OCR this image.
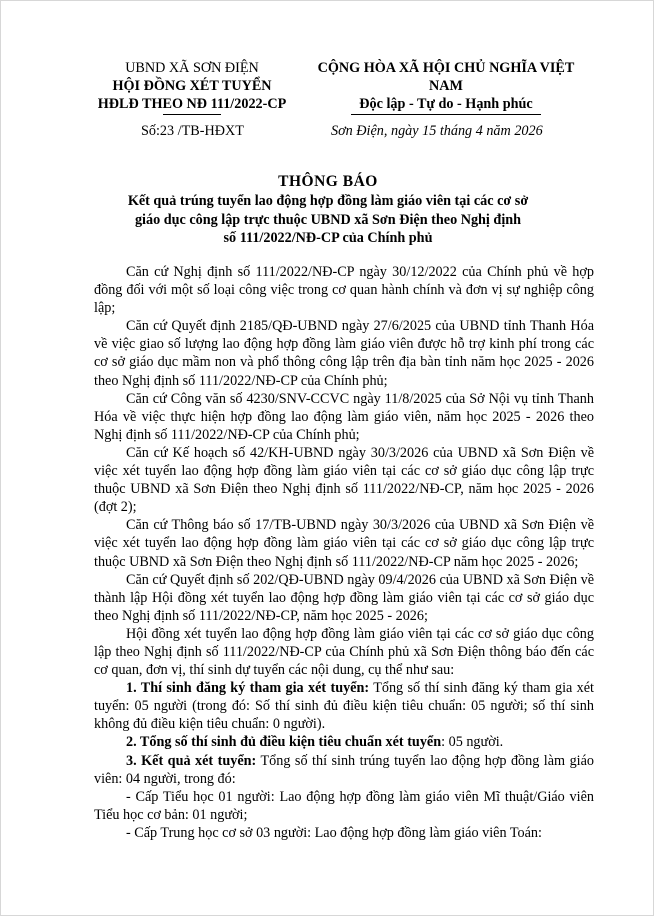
UBND XÃ SƠN ĐIỆN
HỘI ĐỒNG XÉT TUYỂN
HĐLĐ THEO NĐ 111/2022-CP
CỘNG HÒA XÃ HỘI CHỦ NGHĨA VIỆT NAM
Độc lập - Tự do - Hạnh phúc
Số:23 /TB-HĐXT	Sơn Điện, ngày 15 tháng 4 năm 2026
THÔNG BÁO
Kết quả trúng tuyển lao động hợp đồng làm giáo viên tại các cơ sở
giáo dục công lập trực thuộc UBND xã Sơn Điện theo Nghị định
số 111/2022/NĐ-CP của Chính phủ

Căn cứ Nghị định số 111/2022/NĐ-CP ngày 30/12/2022 của Chính phủ về hợp đồng đối với một số loại công việc trong cơ quan hành chính và đơn vị sự nghiệp công lập;

Căn cứ Quyết định 2185/QĐ-UBND ngày 27/6/2025 của UBND tỉnh Thanh Hóa về việc giao số lượng lao động hợp đồng làm giáo viên được hỗ trợ kinh phí trong các cơ sở giáo dục mầm non và phổ thông công lập trên địa bàn tỉnh năm học 2025 - 2026 theo Nghị định số 111/2022/NĐ-CP của Chính phủ;

Căn cứ Công văn số 4230/SNV-CCVC ngày 11/8/2025 của Sở Nội vụ tỉnh Thanh Hóa về việc thực hiện hợp đồng lao động làm giáo viên, năm học 2025 - 2026 theo Nghị định số 111/2022/NĐ-CP của Chính phủ;

Căn cứ Kế hoạch số 42/KH-UBND ngày 30/3/2026 của UBND xã Sơn Điện về việc xét tuyển lao động hợp đồng làm giáo viên tại các cơ sở giáo dục công lập trực thuộc UBND xã Sơn Điện theo Nghị định số 111/2022/NĐ-CP, năm học 2025 - 2026 (đợt 2);

Căn cứ Thông báo số 17/TB-UBND ngày 30/3/2026 của UBND xã Sơn Điện về việc xét tuyển lao động hợp đồng làm giáo viên tại các cơ sở giáo dục công lập trực thuộc UBND xã Sơn Điện theo Nghị định số 111/2022/NĐ-CP năm học 2025 - 2026;

Căn cứ Quyết định số 202/QĐ-UBND ngày 09/4/2026 của UBND xã Sơn Điện về thành lập Hội đồng xét tuyển lao động hợp đồng làm giáo viên tại các cơ sở giáo dục theo Nghị định số 111/2022/NĐ-CP, năm học 2025 - 2026;

Hội đồng xét tuyển lao động hợp đồng làm giáo viên tại các cơ sở giáo dục công lập theo Nghị định số 111/2022/NĐ-CP của Chính phủ xã Sơn Điện thông báo đến các cơ quan, đơn vị, thí sinh dự tuyển các nội dung, cụ thể như sau:

1. Thí sinh đăng ký tham gia xét tuyển: Tổng số thí sinh đăng ký tham gia xét tuyển: 05 người (trong đó: Số thí sinh đủ điều kiện tiêu chuẩn: 05 người; số thí sinh không đủ điều kiện tiêu chuẩn: 0 người).

2. Tổng số thí sinh đủ điều kiện tiêu chuẩn xét tuyển: 05 người.

3. Kết quả xét tuyển: Tổng số thí sinh trúng tuyển lao động hợp đồng làm giáo viên: 04 người, trong đó:

- Cấp Tiểu học 01 người: Lao động hợp đồng làm giáo viên Mĩ thuật/Giáo viên Tiểu học cơ bản: 01 người;

- Cấp Trung học cơ sở 03 người: Lao động hợp đồng làm giáo viên Toán:
